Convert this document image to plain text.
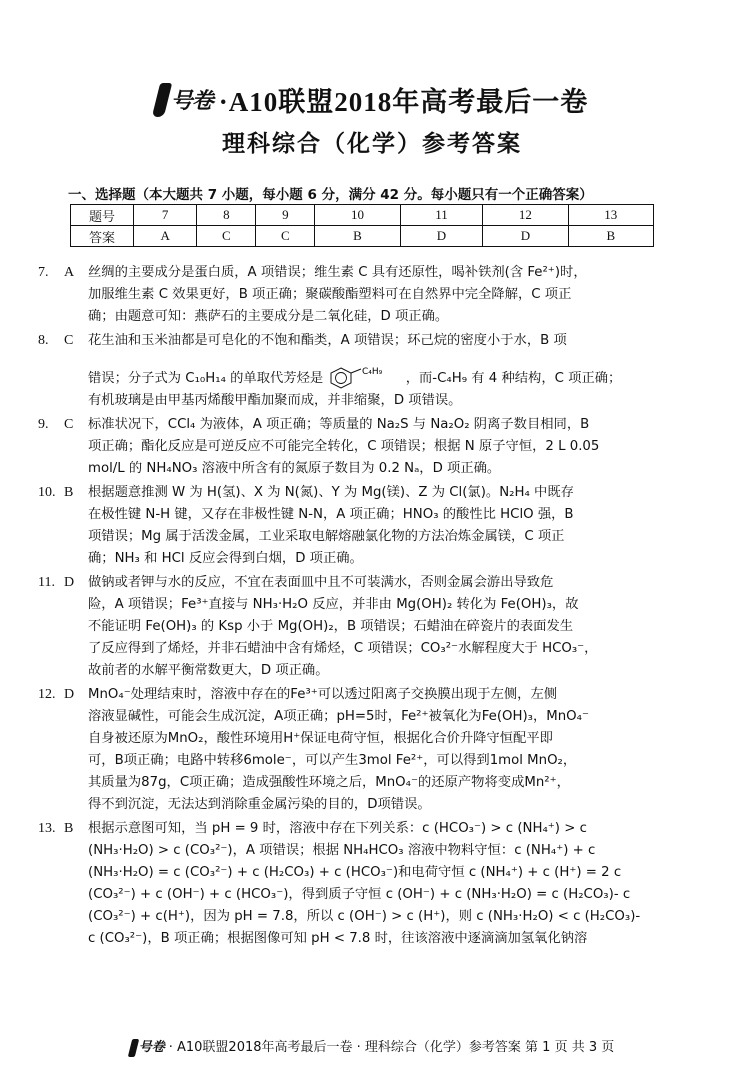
号卷 ·A10联盟2018年高考最后一卷
理科综合（化学）参考答案
一、选择题（本大题共 7 小题，每小题 6 分，满分 42 分。每小题只有一个正确答案）
题号	7	8	9	10	11	12	13
答案	A	C	C	B	D	D	B
7. A	丝绸的主要成分是蛋白质，A 项错误；维生素 C 具有还原性，喝补铁剂(含 Fe²⁺)时，

加服维生素 C 效果更好，B 项正确；聚碳酸酯塑料可在自然界中完全降解，C 项正

确；由题意可知：燕萨石的主要成分是二氧化硅，D 项正确。

8. C	花生油和玉米油都是可皂化的不饱和酯类，A 项错误；环己烷的密度小于水，B 项

错误；分子式为 C₁₀H₁₄ 的单取代芳烃是	C₄H₉ ，而-C₄H₉ 有 4 种结构，C 项正确；

有机玻璃是由甲基丙烯酸甲酯加聚而成，并非缩聚，D 项错误。

9. C	标准状况下，CCl₄ 为液体，A 项正确；等质量的 Na₂S 与 Na₂O₂ 阴离子数目相同，B

项正确；酯化反应是可逆反应不可能完全转化，C 项错误；根据 N 原子守恒，2 L 0.05

mol/L 的 NH₄NO₃ 溶液中所含有的氮原子数目为 0.2 Nₐ，D 项正确。

10. B	根据题意推测 W 为 H(氢)、X 为 N(氮)、Y 为 Mg(镁)、Z 为 Cl(氯)。N₂H₄ 中既存

在极性键 N-H 键，又存在非极性键 N-N，A 项正确；HNO₃ 的酸性比 HClO 强，B

项错误；Mg 属于活泼金属，工业采取电解熔融氯化物的方法冶炼金属镁，C 项正

确；NH₃ 和 HCl 反应会得到白烟，D 项正确。

11. D	做钠或者钾与水的反应，不宜在表面皿中且不可装满水，否则金属会游出导致危

险，A 项错误；Fe³⁺直接与 NH₃·H₂O 反应，并非由 Mg(OH)₂ 转化为 Fe(OH)₃，故

不能证明 Fe(OH)₃ 的 Ksp 小于 Mg(OH)₂，B 项错误；石蜡油在碎瓷片的表面发生

了反应得到了烯烃，并非石蜡油中含有烯烃，C 项错误；CO₃²⁻水解程度大于 HCO₃⁻，

故前者的水解平衡常数更大，D 项正确。

12. D	MnO₄⁻处理结束时，溶液中存在的Fe³⁺可以透过阳离子交换膜出现于左侧，左侧

溶液显碱性，可能会生成沉淀，A项正确；pH=5时，Fe²⁺被氧化为Fe(OH)₃，MnO₄⁻

自身被还原为MnO₂，酸性环境用H⁺保证电荷守恒，根据化合价升降守恒配平即

可，B项正确；电路中转移6mole⁻，可以产生3mol Fe²⁺，可以得到1mol MnO₂，

其质量为87g，C项正确；造成强酸性环境之后，MnO₄⁻的还原产物将变成Mn²⁺，

得不到沉淀，无法达到消除重金属污染的目的，D项错误。

13. B	根据示意图可知，当 pH = 9 时，溶液中存在下列关系：c (HCO₃⁻) > c (NH₄⁺) > c

(NH₃·H₂O) > c (CO₃²⁻)，A 项错误；根据 NH₄HCO₃ 溶液中物料守恒：c (NH₄⁺) + c

(NH₃·H₂O) = c (CO₃²⁻) + c (H₂CO₃) + c (HCO₃⁻)和电荷守恒 c (NH₄⁺) + c (H⁺) = 2 c

(CO₃²⁻) + c (OH⁻) + c (HCO₃⁻)，得到质子守恒 c (OH⁻) + c (NH₃·H₂O) = c (H₂CO₃)- c

(CO₃²⁻) + c(H⁺)，因为 pH = 7.8，所以 c (OH⁻) > c (H⁺)，则 c (NH₃·H₂O) < c (H₂CO₃)-

c (CO₃²⁻)，B 项正确；根据图像可知 pH < 7.8 时，往该溶液中逐滴滴加氢氧化钠溶

号卷 · A10联盟2018年高考最后一卷 · 理科综合（化学）参考答案 第 1 页 共 3 页
